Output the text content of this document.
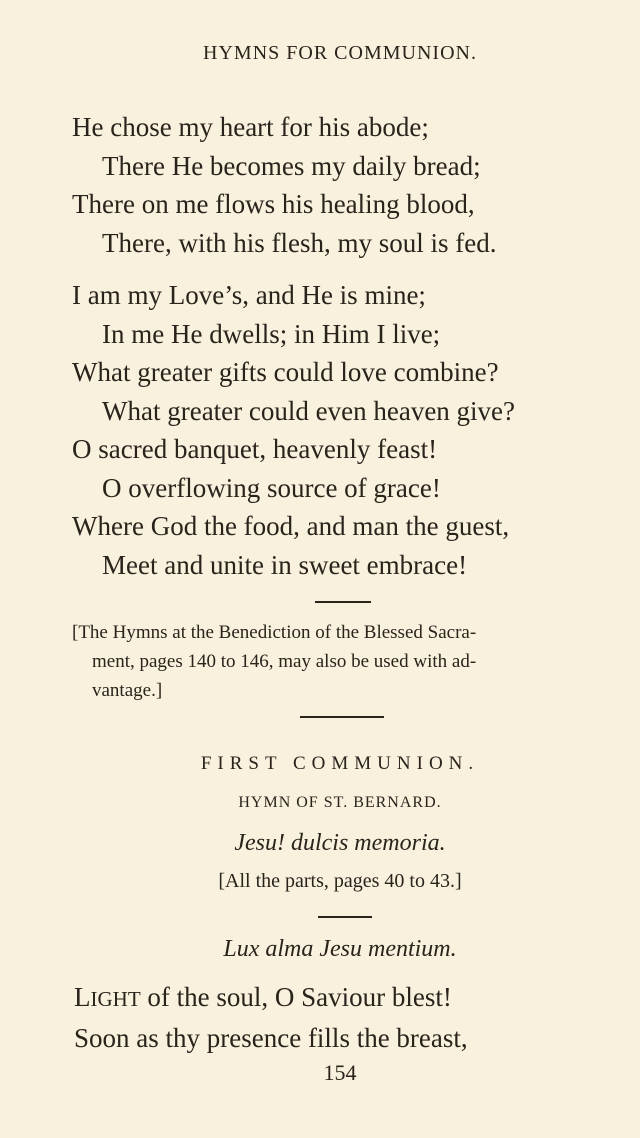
HYMNS FOR COMMUNION.
He chose my heart for his abode;
There He becomes my daily bread;
There on me flows his healing blood,
There, with his flesh, my soul is fed.
I am my Love’s, and He is mine;
In me He dwells; in Him I live;
What greater gifts could love combine?
What greater could even heaven give?
O sacred banquet, heavenly feast!
O overflowing source of grace!
Where God the food, and man the guest,
Meet and unite in sweet embrace!
[The Hymns at the Benediction of the Blessed Sacra-
ment, pages 140 to 146, may also be used with ad-
vantage.]
FIRST COMMUNION.
HYMN OF ST. BERNARD.
Jesu! dulcis memoria.
[All the parts, pages 40 to 43.]
Lux alma Jesu mentium.
LIGHT of the soul, O Saviour blest!
Soon as thy presence fills the breast,
154
